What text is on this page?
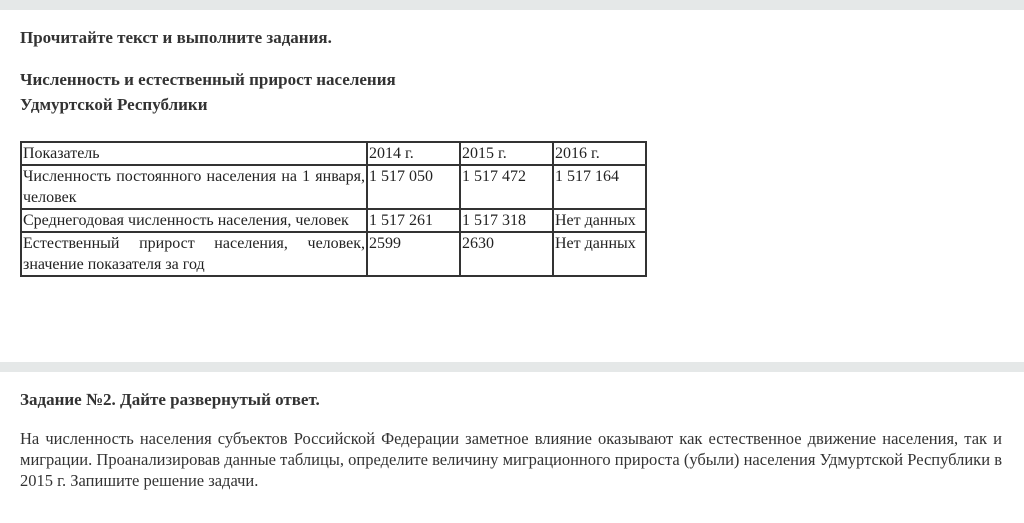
Прочитайте текст и выполните задания.

Численность и естественный прирост населения
Удмуртской Республики

Показатель	2014 г.	2015 г.	2016 г.
Численность постоянного населения на 1 января, человек	1 517 050	1 517 472	1 517 164
Среднегодовая численность населения, человек	1 517 261	1 517 318	Нет данных
Естественный прирост населения, человек, значение показателя за год	2599	2630	Нет данных

Задание №2. Дайте развернутый ответ.

На численность населения субъектов Российской Федерации заметное влияние оказывают как естественное движение населения, так и миграции. Проанализировав данные таблицы, определите величину миграционного прироста (убыли) населения Удмуртской Республики в 2015 г. Запишите решение задачи.
